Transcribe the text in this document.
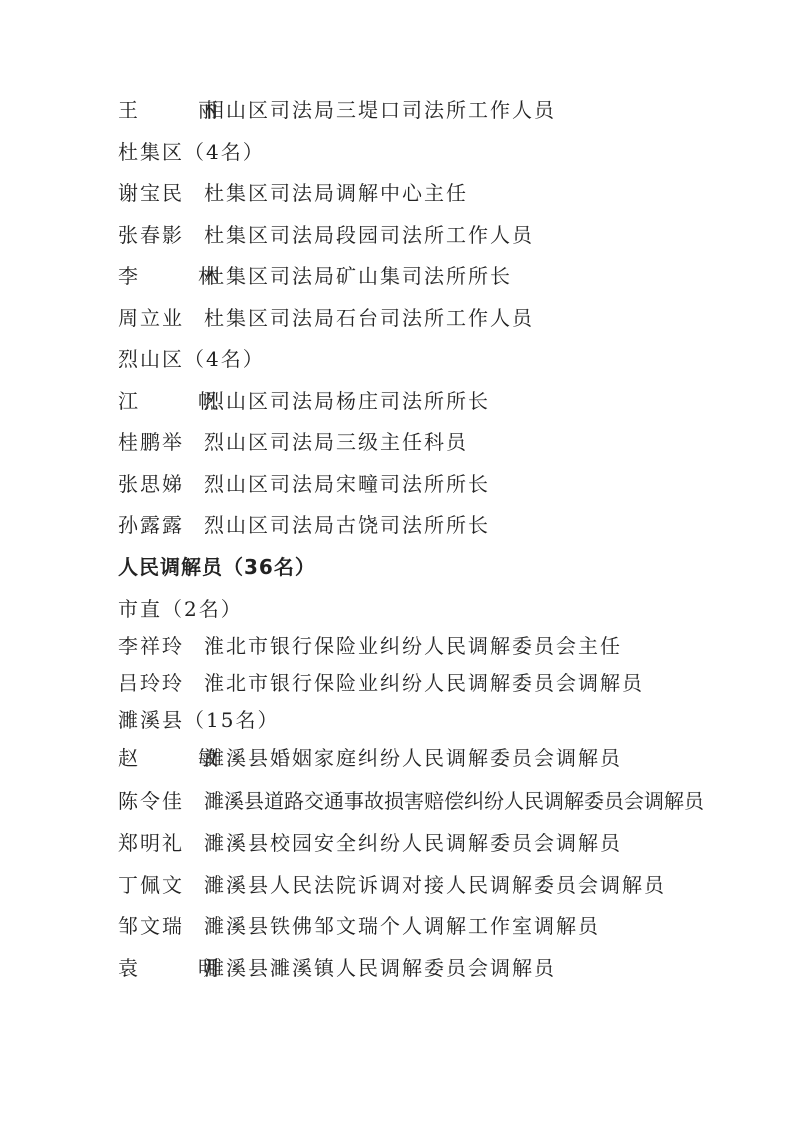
王　丽相山区司法局三堤口司法所工作人员
杜集区（4名）
谢宝民 杜集区司法局调解中心主任
张春影 杜集区司法局段园司法所工作人员
李　林杜集区司法局矿山集司法所所长
周立业 杜集区司法局石台司法所工作人员
烈山区（4名）
江　帆烈山区司法局杨庄司法所所长
桂鹏举 烈山区司法局三级主任科员
张思娣 烈山区司法局宋疃司法所所长
孙露露 烈山区司法局古饶司法所所长
人民调解员（36名）
市直（2名）
李祥玲 淮北市银行保险业纠纷人民调解委员会主任
吕玲玲 淮北市银行保险业纠纷人民调解委员会调解员
濉溪县（15名）
赵　敏濉溪县婚姻家庭纠纷人民调解委员会调解员
陈令佳 濉溪县道路交通事故损害赔偿纠纷人民调解委员会调解员
郑明礼 濉溪县校园安全纠纷人民调解委员会调解员
丁佩文 濉溪县人民法院诉调对接人民调解委员会调解员
邹文瑞 濉溪县铁佛邹文瑞个人调解工作室调解员
袁　明濉溪县濉溪镇人民调解委员会调解员
